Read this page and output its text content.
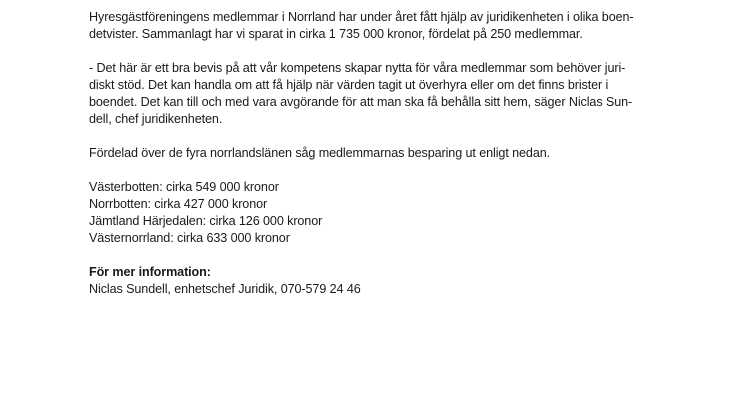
Hyresgästföreningens medlemmar i Norrland har under året fått hjälp av juridikenheten i olika boen-
detvister. Sammanlagt har vi sparat in cirka 1 735 000 kronor, fördelat på 250 medlemmar.
- Det här är ett bra bevis på att vår kompetens skapar nytta för våra medlemmar som behöver juri-
diskt stöd. Det kan handla om att få hjälp när värden tagit ut överhyra eller om det finns brister i
boendet. Det kan till och med vara avgörande för att man ska få behålla sitt hem, säger Niclas Sun-
dell, chef juridikenheten.
Fördelad över de fyra norrlandslänen såg medlemmarnas besparing ut enligt nedan.
Västerbotten: cirka 549 000 kronor
Norrbotten: cirka 427 000 kronor
Jämtland Härjedalen: cirka 126 000 kronor
Västernorrland: cirka 633 000 kronor
För mer information:
Niclas Sundell, enhetschef Juridik, 070-579 24 46
